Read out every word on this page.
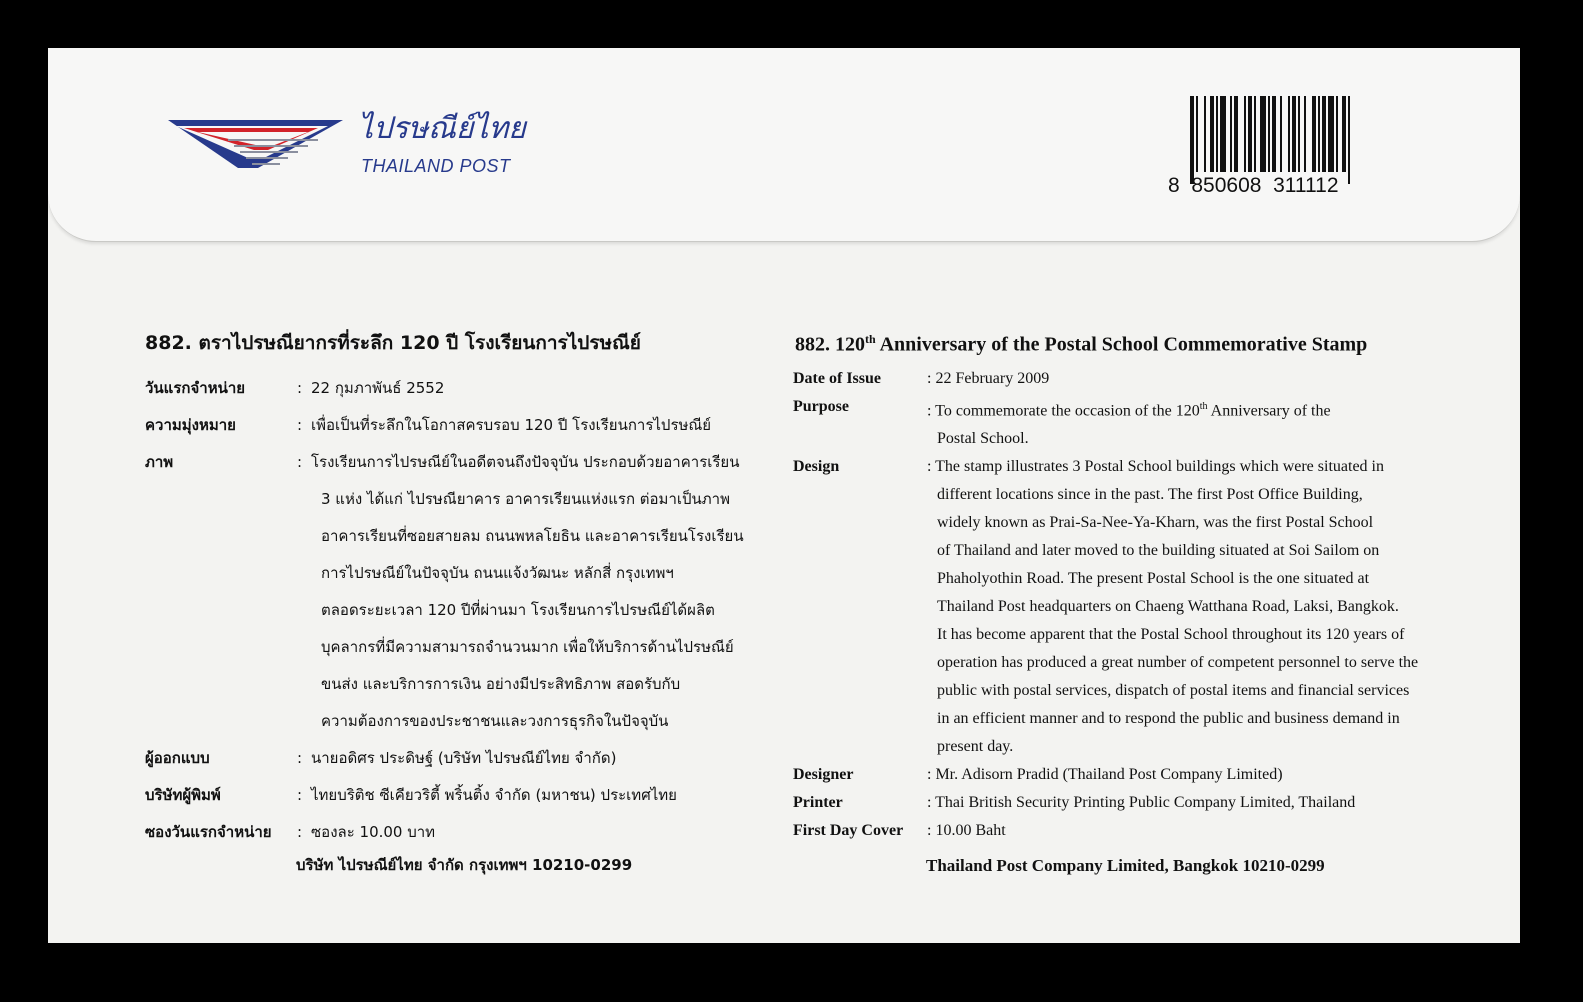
ไปรษณีย์ไทย
THAILAND POST
8  850608  311112
882. ตราไปรษณียากรที่ระลึก 120 ปี โรงเรียนการไปรษณีย์
วันแรกจำหน่าย	: 22 กุมภาพันธ์ 2552
ความมุ่งหมาย	: เพื่อเป็นที่ระลึกในโอกาสครบรอบ 120 ปี โรงเรียนการไปรษณีย์
ภาพ	: โรงเรียนการไปรษณีย์ในอดีตจนถึงปัจจุบัน ประกอบด้วยอาคารเรียน
3 แห่ง ได้แก่ ไปรษณียาคาร อาคารเรียนแห่งแรก ต่อมาเป็นภาพ
อาคารเรียนที่ซอยสายลม ถนนพหลโยธิน และอาคารเรียนโรงเรียน
การไปรษณีย์ในปัจจุบัน ถนนแจ้งวัฒนะ หลักสี่ กรุงเทพฯ
ตลอดระยะเวลา 120 ปีที่ผ่านมา โรงเรียนการไปรษณีย์ได้ผลิต
บุคลากรที่มีความสามารถจำนวนมาก เพื่อให้บริการด้านไปรษณีย์
ขนส่ง และบริการการเงิน อย่างมีประสิทธิภาพ สอดรับกับ
ความต้องการของประชาชนและวงการธุรกิจในปัจจุบัน
ผู้ออกแบบ	: นายอดิศร ประดิษฐ์ (บริษัท ไปรษณีย์ไทย จำกัด)
บริษัทผู้พิมพ์	: ไทยบริติช ซีเคียวริตี้ พริ้นติ้ง จำกัด (มหาชน) ประเทศไทย
ซองวันแรกจำหน่าย	: ซองละ 10.00 บาท
บริษัท ไปรษณีย์ไทย จำกัด กรุงเทพฯ 10210-0299
882. 120th Anniversary of the Postal School Commemorative Stamp
Date of Issue	: 22 February 2009
Purpose	: To commemorate the occasion of the 120th Anniversary of the
Postal School.
Design	: The stamp illustrates 3 Postal School buildings which were situated in
different locations since in the past. The first Post Office Building,
widely known as Prai-Sa-Nee-Ya-Kharn, was the first Postal School
of Thailand and later moved to the building situated at Soi Sailom on
Phaholyothin Road. The present Postal School is the one situated at
Thailand Post headquarters on Chaeng Watthana Road, Laksi, Bangkok.
It has become apparent that the Postal School throughout its 120 years of
operation has produced a great number of competent personnel to serve the
public with postal services, dispatch of postal items and financial services
in an efficient manner and to respond the public and business demand in
present day.
Designer	: Mr. Adisorn Pradid (Thailand Post Company Limited)
Printer	: Thai British Security Printing Public Company Limited, Thailand
First Day Cover	: 10.00 Baht
Thailand Post Company Limited, Bangkok 10210-0299
